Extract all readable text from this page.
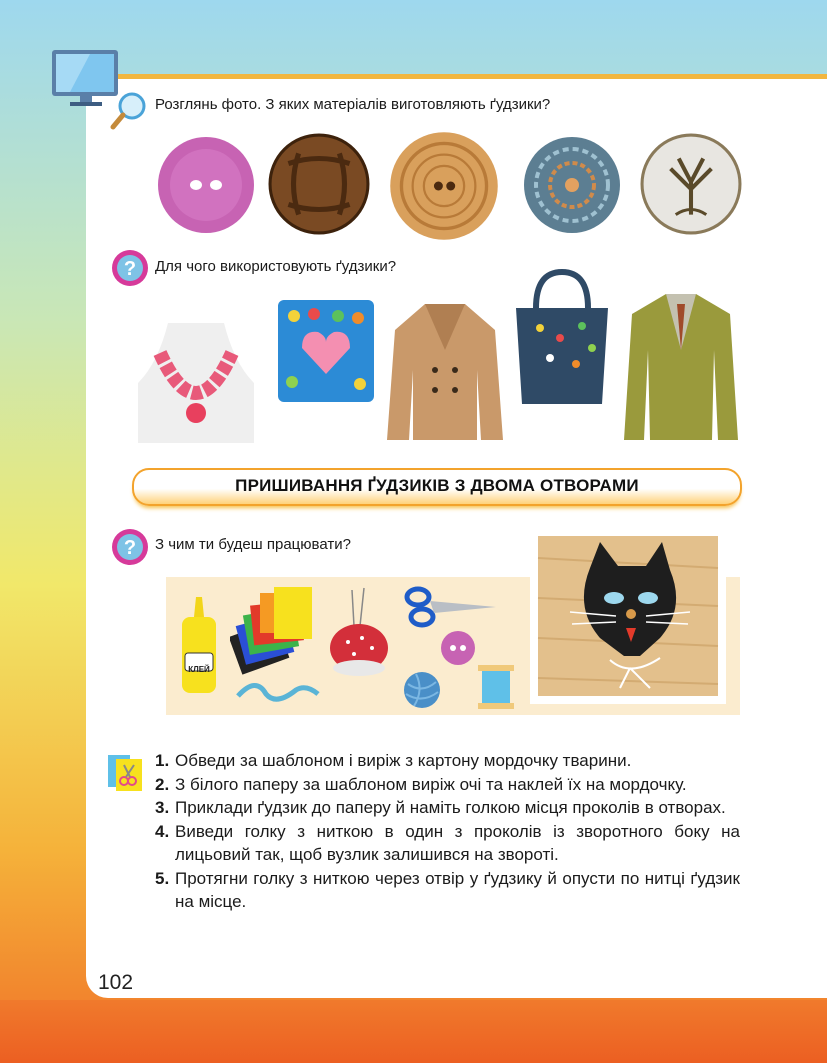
Розглянь фото. З яких матеріалів виготовляють ґудзики?
? Для чого використовують ґудзики?
ПРИШИВАННЯ ҐУДЗИКІВ З ДВОМА ОТВОРАМИ
? З чим ти будеш працювати?
КЛЕЙ
1. Обведи за шаблоном і виріж з картону мордочку тварини.
2. З білого паперу за шаблоном виріж очі та наклей їх на мордочку.
3. Приклади ґудзик до паперу й наміть голкою місця проколів в отворах.
4. Виведи голку з ниткою в один з проколів із зворотного боку на лицьовий так, щоб вузлик залишився на звороті.
5. Протягни голку з ниткою через отвір у ґудзику й опусти по нитці ґудзик на місце.
102
